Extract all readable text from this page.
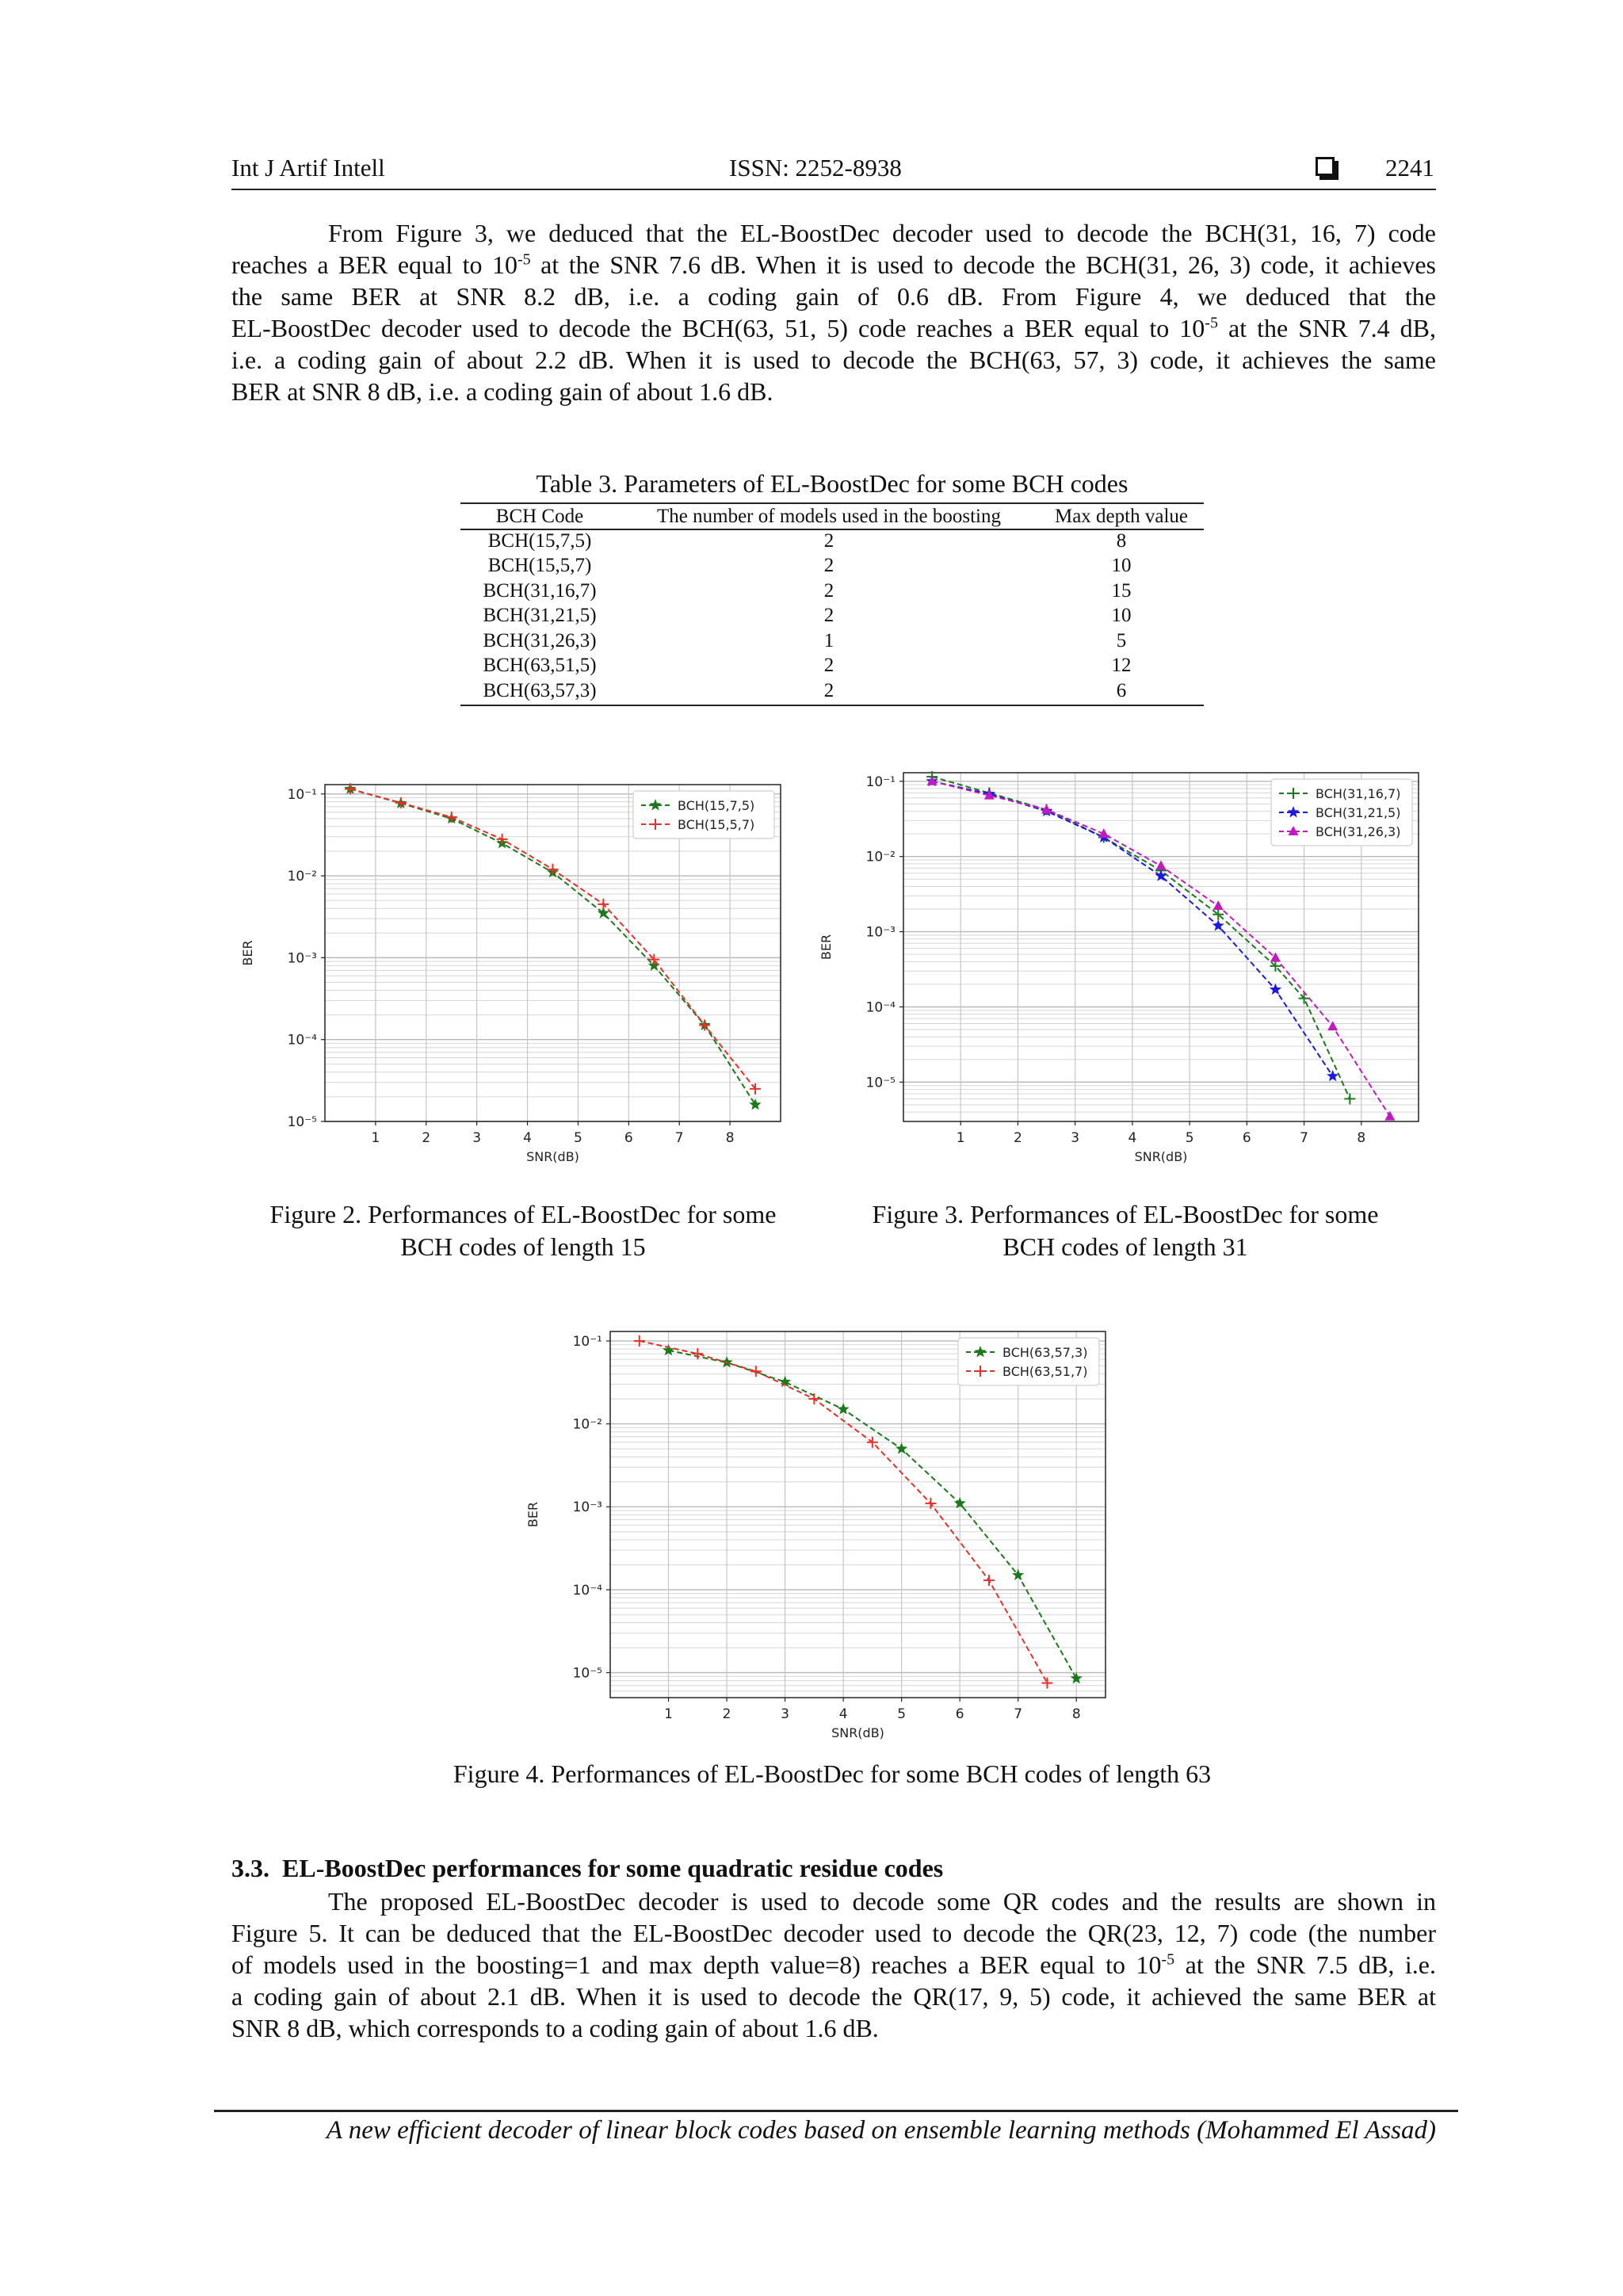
Int J Artif Intell	ISSN: 2252-8938	2241
From Figure 3, we deduced that the EL-BoostDec decoder used to decode the BCH(31, 16, 7) code
reaches a BER equal to $10^{-5}$ at the SNR 7.6 dB. When it is used to decode the BCH(31, 26, 3) code, it achieves
the same BER at SNR 8.2 dB, i.e. a coding gain of 0.6 dB. From Figure 4, we deduced that the
EL-BoostDec decoder used to decode the BCH(63, 51, 5) code reaches a BER equal to $10^{-5}$ at the SNR 7.4 dB,
i.e. a coding gain of about 2.2 dB. When it is used to decode the BCH(63, 57, 3) code, it achieves the same
BER at SNR 8 dB, i.e. a coding gain of about 1.6 dB.
Table 3. Parameters of EL-BoostDec for some BCH codes
BCH Code	The number of models used in the boosting	Max depth value
BCH(15,7,5)	2	8
BCH(15,5,7)	2	10
BCH(31,16,7)	2	15
BCH(31,21,5)	2	10
BCH(31,26,3)	1	5
BCH(63,51,5)	2	12
BCH(63,57,3)	2	6
1	2	3	4	5	6	7	8
10⁻¹
10⁻²
10⁻³
10⁻⁴
10⁻⁵
SNR(dB)
BER
BCH(15,7,5)
BCH(15,5,7)
Figure 2. Performances of EL-BoostDec for some
BCH codes of length 15
1	2	3	4	5	6	7	8
10⁻¹
10⁻²
10⁻³
10⁻⁴
10⁻⁵
SNR(dB)
BER
BCH(31,16,7)
BCH(31,21,5)
BCH(31,26,3)
Figure 3. Performances of EL-BoostDec for some
BCH codes of length 31
1	2	3	4	5	6	7	8
10⁻¹
10⁻²
10⁻³
10⁻⁴
10⁻⁵
SNR(dB)
BER
BCH(63,57,3)
BCH(63,51,7)
Figure 4. Performances of EL-BoostDec for some BCH codes of length 63
3.3. EL-BoostDec performances for some quadratic residue codes
The proposed EL-BoostDec decoder is used to decode some QR codes and the results are shown in
Figure 5. It can be deduced that the EL-BoostDec decoder used to decode the QR(23, 12, 7) code (the number
of models used in the boosting=1 and max depth value=8) reaches a BER equal to $10^{-5}$ at the SNR 7.5 dB, i.e.
a coding gain of about 2.1 dB. When it is used to decode the QR(17, 9, 5) code, it achieved the same BER at
SNR 8 dB, which corresponds to a coding gain of about 1.6 dB.
A new efficient decoder of linear block codes based on ensemble learning methods (Mohammed El Assad)
